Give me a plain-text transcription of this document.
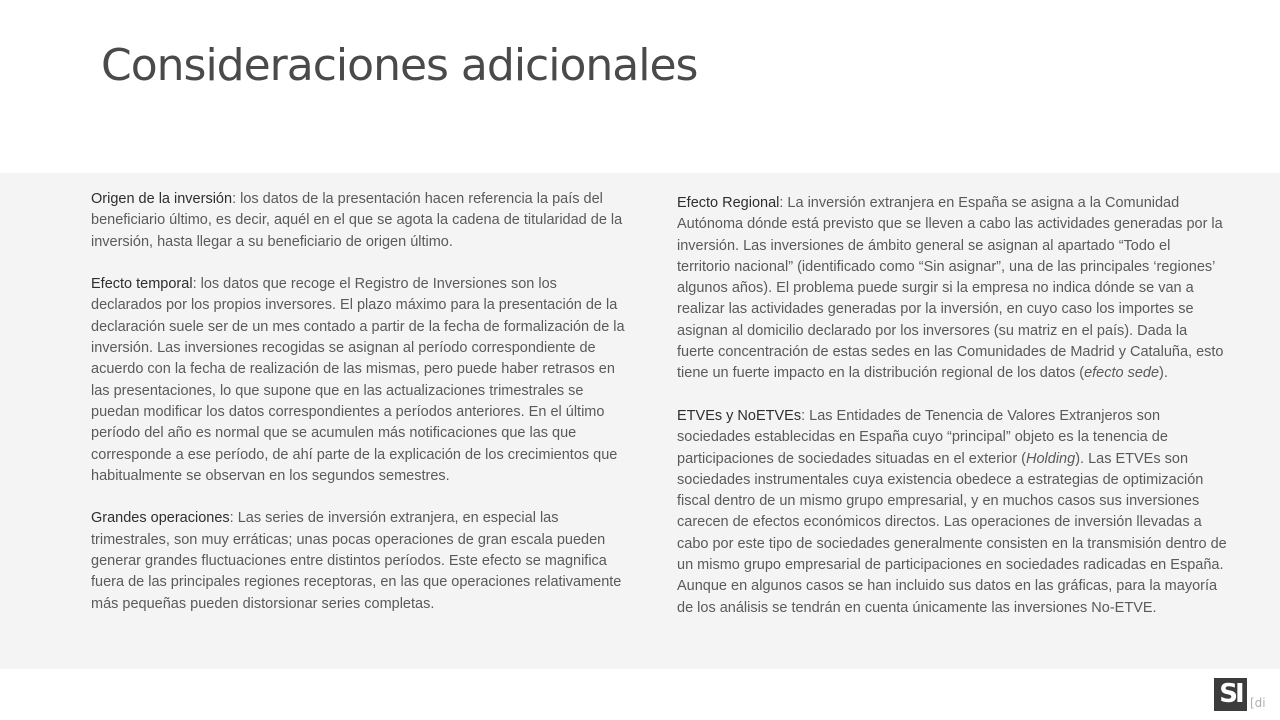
Consideraciones adicionales

Origen de la inversión: los datos de la presentación hacen referencia la país del beneficiario último, es decir, aquél en el que se agota la cadena de titularidad de la inversión, hasta llegar a su beneficiario de origen último.

Efecto temporal: los datos que recoge el Registro de Inversiones son los declarados por los propios inversores. El plazo máximo para la presentación de la declaración suele ser de un mes contado a partir de la fecha de formalización de la inversión. Las inversiones recogidas se asignan al período correspondiente de acuerdo con la fecha de realización de las mismas, pero puede haber retrasos en las presentaciones, lo que supone que en las actualizaciones trimestrales se puedan modificar los datos correspondientes a períodos anteriores. En el último período del año es normal que se acumulen más notificaciones que las que corresponde a ese período, de ahí parte de la explicación de los crecimientos que habitualmente se observan en los segundos semestres.

Grandes operaciones: Las series de inversión extranjera, en especial las trimestrales, son muy erráticas; unas pocas operaciones de gran escala pueden generar grandes fluctuaciones entre distintos períodos. Este efecto se magnifica fuera de las principales regiones receptoras, en las que operaciones relativamente más pequeñas pueden distorsionar series completas.

Efecto Regional: La inversión extranjera en España se asigna a la Comunidad Autónoma dónde está previsto que se lleven a cabo las actividades generadas por la inversión. Las inversiones de ámbito general se asignan al apartado “Todo el territorio nacional” (identificado como “Sin asignar”, una de las principales ‘regiones’ algunos años). El problema puede surgir si la empresa no indica dónde se van a realizar las actividades generadas por la inversión, en cuyo caso los importes se asignan al domicilio declarado por los inversores (su matriz en el país). Dada la fuerte concentración de estas sedes en las Comunidades de Madrid y Cataluña, esto tiene un fuerte impacto en la distribución regional de los datos (efecto sede).

ETVEs y NoETVEs: Las Entidades de Tenencia de Valores Extranjeros son sociedades establecidas en España cuyo “principal” objeto es la tenencia de participaciones de sociedades situadas en el exterior (Holding). Las ETVEs son sociedades instrumentales cuya existencia obedece a estrategias de optimización fiscal dentro de un mismo grupo empresarial, y en muchos casos sus inversiones carecen de efectos económicos directos. Las operaciones de inversión llevadas a cabo por este tipo de sociedades generalmente consisten en la transmisión dentro de un mismo grupo empresarial de participaciones en sociedades radicadas en España. Aunque en algunos casos se han incluido sus datos en las gráficas, para la mayoría de los análisis se tendrán en cuenta únicamente las inversiones No-ETVE.

SI [di
